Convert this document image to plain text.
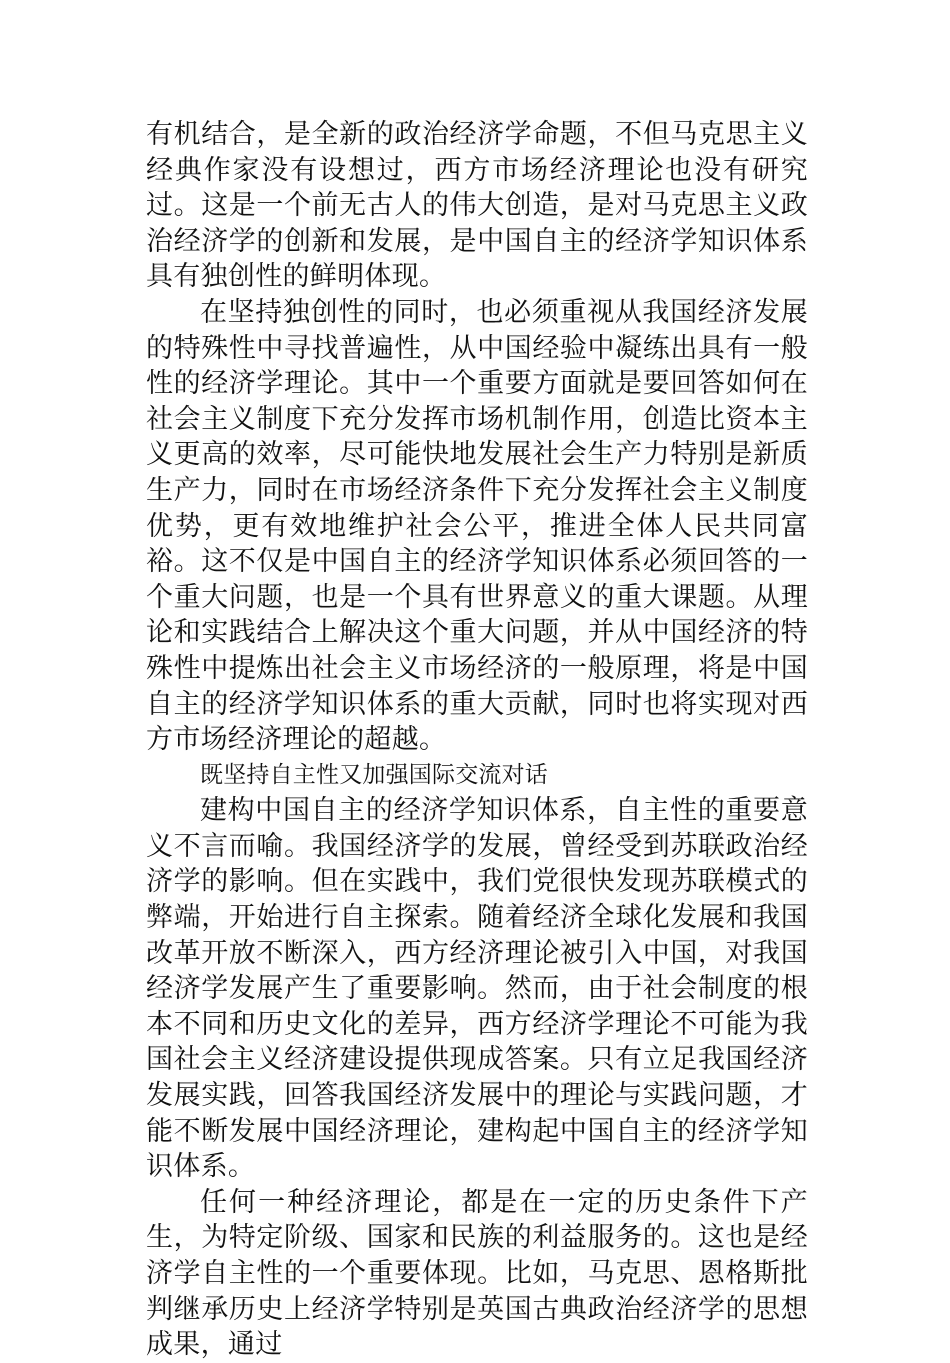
有机结合，是全新的政治经济学命题，不但马克思主义经典作家没有设想过，西方市场经济理论也没有研究过。这是一个前无古人的伟大创造，是对马克思主义政治经济学的创新和发展，是中国自主的经济学知识体系具有独创性的鲜明体现。

在坚持独创性的同时，也必须重视从我国经济发展的特殊性中寻找普遍性，从中国经验中凝练出具有一般性的经济学理论。其中一个重要方面就是要回答如何在社会主义制度下充分发挥市场机制作用，创造比资本主义更高的效率，尽可能快地发展社会生产力特别是新质生产力，同时在市场经济条件下充分发挥社会主义制度优势，更有效地维护社会公平，推进全体人民共同富裕。这不仅是中国自主的经济学知识体系必须回答的一个重大问题，也是一个具有世界意义的重大课题。从理论和实践结合上解决这个重大问题，并从中国经济的特殊性中提炼出社会主义市场经济的一般原理，将是中国自主的经济学知识体系的重大贡献，同时也将实现对西方市场经济理论的超越。

既坚持自主性又加强国际交流对话

建构中国自主的经济学知识体系，自主性的重要意义不言而喻。我国经济学的发展，曾经受到苏联政治经济学的影响。但在实践中，我们党很快发现苏联模式的弊端，开始进行自主探索。随着经济全球化发展和我国改革开放不断深入，西方经济理论被引入中国，对我国经济学发展产生了重要影响。然而，由于社会制度的根本不同和历史文化的差异，西方经济学理论不可能为我国社会主义经济建设提供现成答案。只有立足我国经济发展实践，回答我国经济发展中的理论与实践问题，才能不断发展中国经济理论，建构起中国自主的经济学知识体系。

任何一种经济理论，都是在一定的历史条件下产生，为特定阶级、国家和民族的利益服务的。这也是经济学自主性的一个重要体现。比如，马克思、恩格斯批判继承历史上经济学特别是英国古典政治经济学的思想成果，通过
